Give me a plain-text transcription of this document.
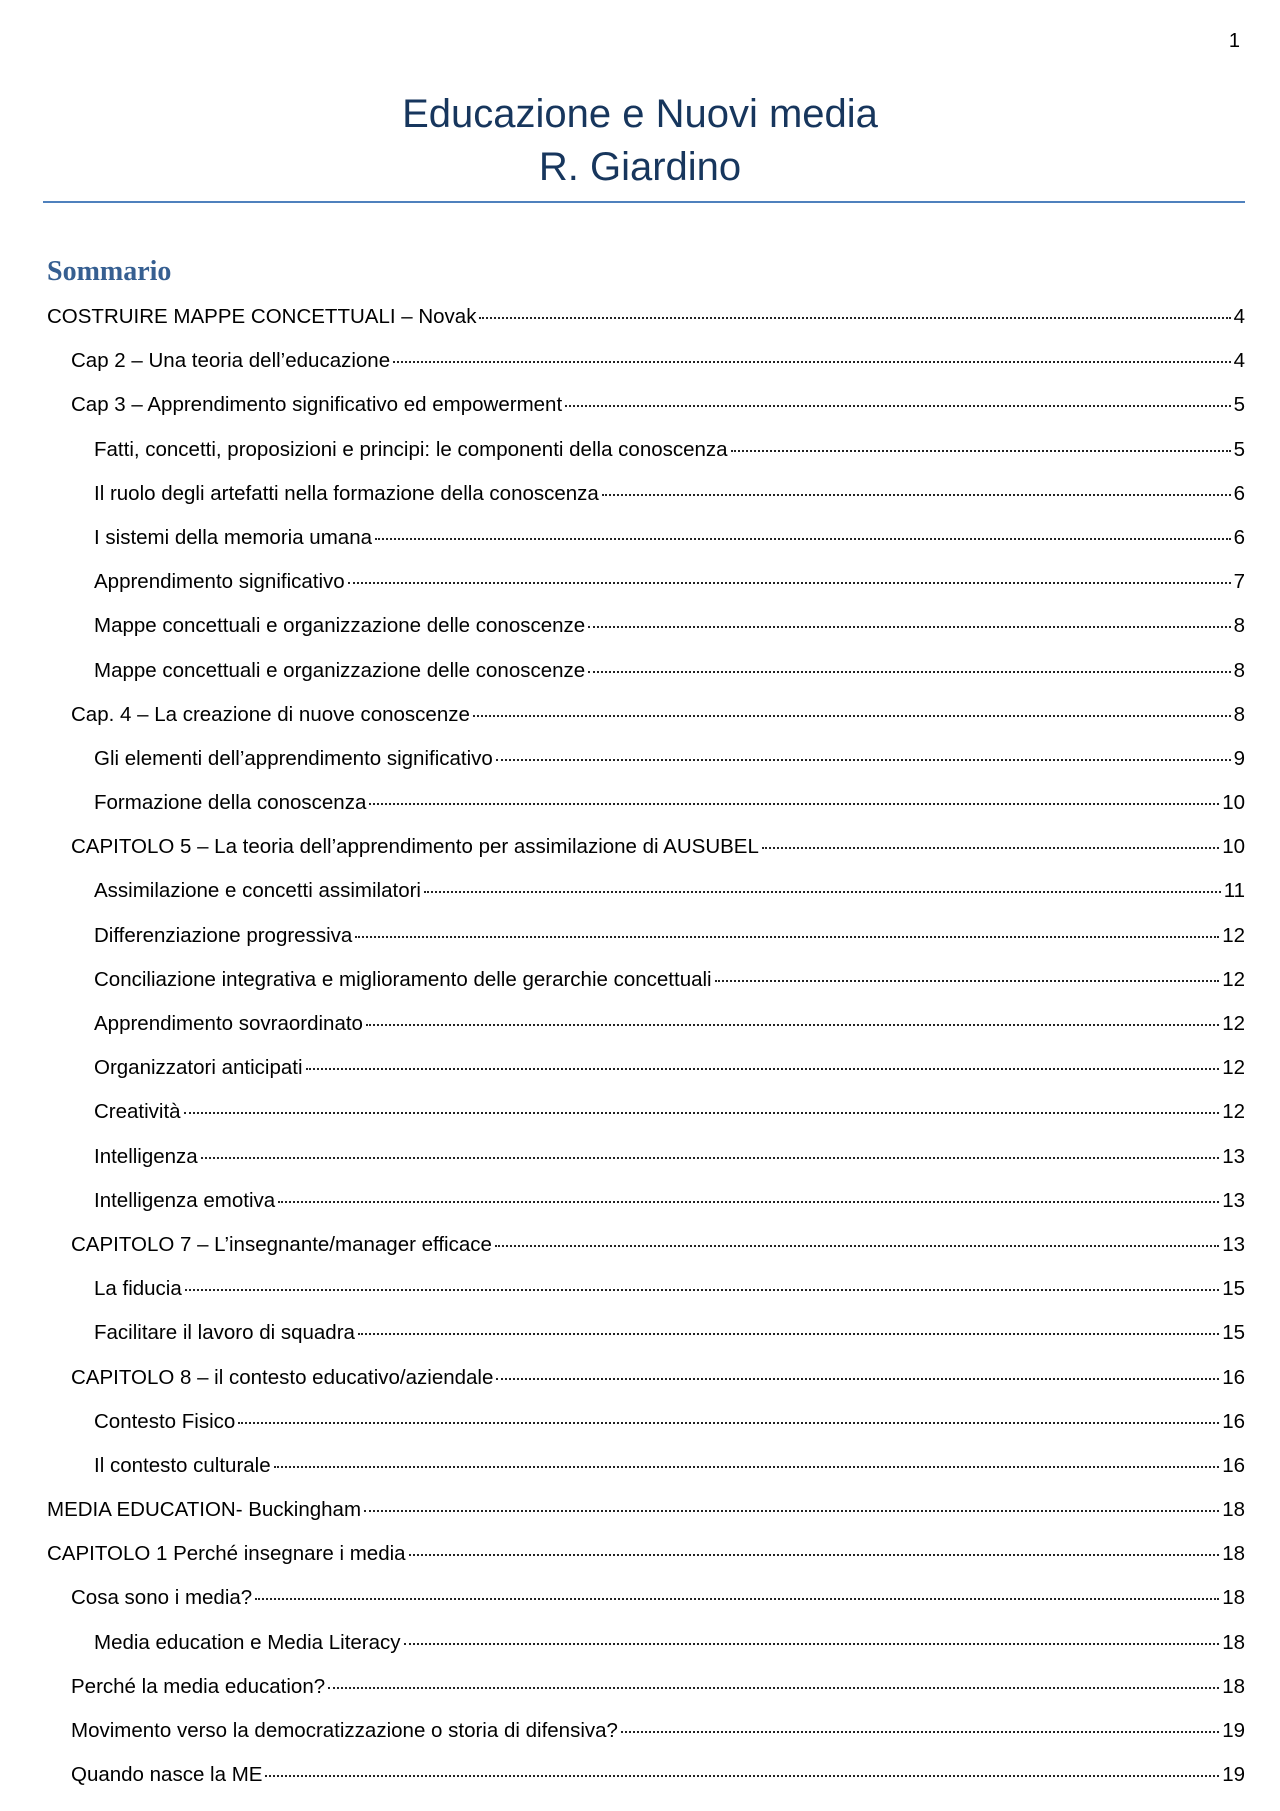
1
Educazione e Nuovi media
R. Giardino
Sommario
COSTRUIRE MAPPE CONCETTUALI – Novak	4
Cap 2 – Una teoria dell’educazione	4
Cap 3 – Apprendimento significativo ed empowerment	5
Fatti, concetti, proposizioni e principi: le componenti della conoscenza	5
Il ruolo degli artefatti nella formazione della conoscenza	6
I sistemi della memoria umana	6
Apprendimento significativo	7
Mappe concettuali e organizzazione delle conoscenze	8
Mappe concettuali e organizzazione delle conoscenze	8
Cap. 4 – La creazione di nuove conoscenze	8
Gli elementi dell’apprendimento significativo	9
Formazione della conoscenza	10
CAPITOLO 5 – La teoria dell’apprendimento per assimilazione di AUSUBEL	10
Assimilazione e concetti assimilatori	11
Differenziazione progressiva	12
Conciliazione integrativa e miglioramento delle gerarchie concettuali	12
Apprendimento sovraordinato	12
Organizzatori anticipati	12
Creatività	12
Intelligenza	13
Intelligenza emotiva	13
CAPITOLO 7 – L’insegnante/manager efficace	13
La fiducia	15
Facilitare il lavoro di squadra	15
CAPITOLO 8 – il contesto educativo/aziendale	16
Contesto Fisico	16
Il contesto culturale	16
MEDIA EDUCATION- Buckingham	18
CAPITOLO 1 Perché insegnare i media	18
Cosa sono i media?	18
Media education e Media Literacy	18
Perché la media education?	18
Movimento verso la democratizzazione o storia di difensiva?	19
Quando nasce la ME	19
